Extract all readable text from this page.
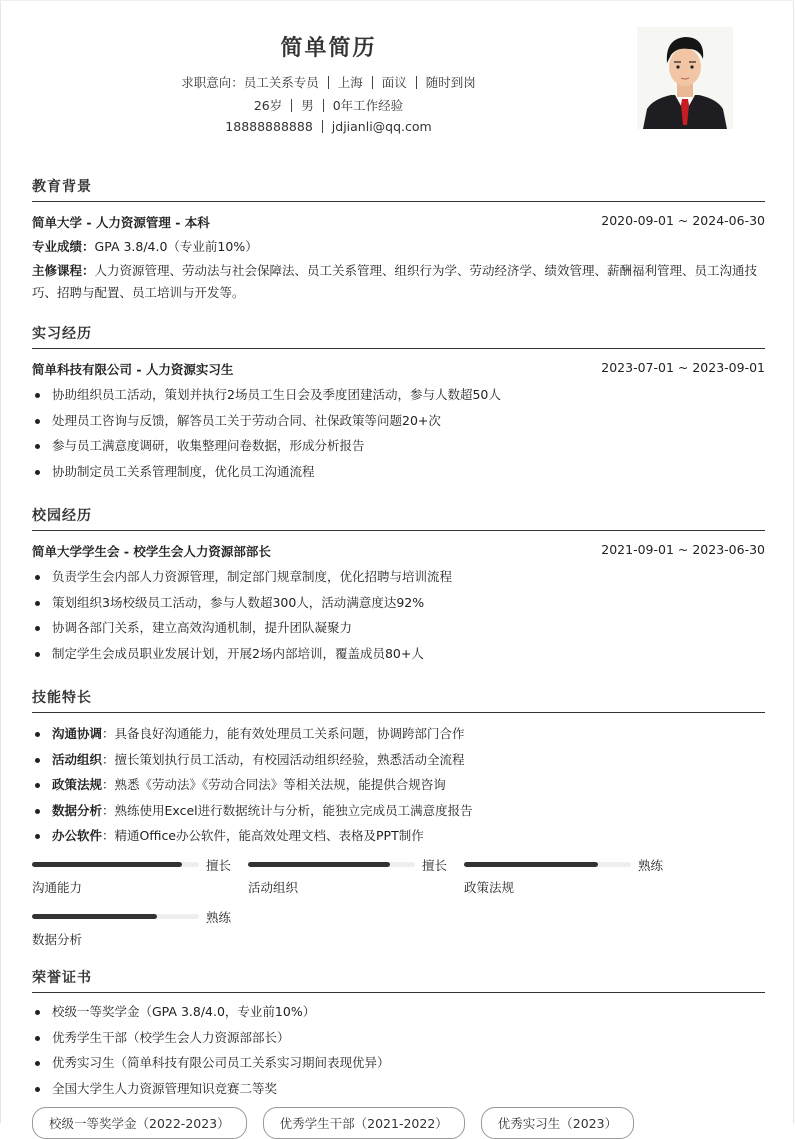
简单简历
求职意向：员工关系专员 上海 面议 随时到岗
26岁 男 0年工作经验
18888888888 jdjianli@qq.com
教育背景
简单大学 - 人力资源管理 - 本科	2020-09-01 ~ 2024-06-30
专业成绩：GPA 3.8/4.0（专业前10%）
主修课程：人力资源管理、劳动法与社会保障法、员工关系管理、组织行为学、劳动经济学、绩效管理、薪酬福利管理、员工沟通技巧、招聘与配置、员工培训与开发等。
实习经历
简单科技有限公司 - 人力资源实习生	2023-07-01 ~ 2023-09-01
协助组织员工活动，策划并执行2场员工生日会及季度团建活动，参与人数超50人
处理员工咨询与反馈，解答员工关于劳动合同、社保政策等问题20+次
参与员工满意度调研，收集整理问卷数据，形成分析报告
协助制定员工关系管理制度，优化员工沟通流程
校园经历
简单大学学生会 - 校学生会人力资源部部长	2021-09-01 ~ 2023-06-30
负责学生会内部人力资源管理，制定部门规章制度，优化招聘与培训流程
策划组织3场校级员工活动，参与人数超300人，活动满意度达92%
协调各部门关系，建立高效沟通机制，提升团队凝聚力
制定学生会成员职业发展计划，开展2场内部培训，覆盖成员80+人
技能特长
沟通协调：具备良好沟通能力，能有效处理员工关系问题，协调跨部门合作
活动组织：擅长策划执行员工活动，有校园活动组织经验，熟悉活动全流程
政策法规：熟悉《劳动法》《劳动合同法》等相关法规，能提供合规咨询
数据分析：熟练使用Excel进行数据统计与分析，能独立完成员工满意度报告
办公软件：精通Office办公软件，能高效处理文档、表格及PPT制作
擅长
沟通能力
擅长
活动组织
熟练
政策法规
熟练
数据分析
荣誉证书
校级一等奖学金（GPA 3.8/4.0，专业前10%）
优秀学生干部（校学生会人力资源部部长）
优秀实习生（简单科技有限公司员工关系实习期间表现优异）
全国大学生人力资源管理知识竞赛二等奖
校级一等奖学金（2022-2023）	优秀学生干部（2021-2022）	优秀实习生（2023）
